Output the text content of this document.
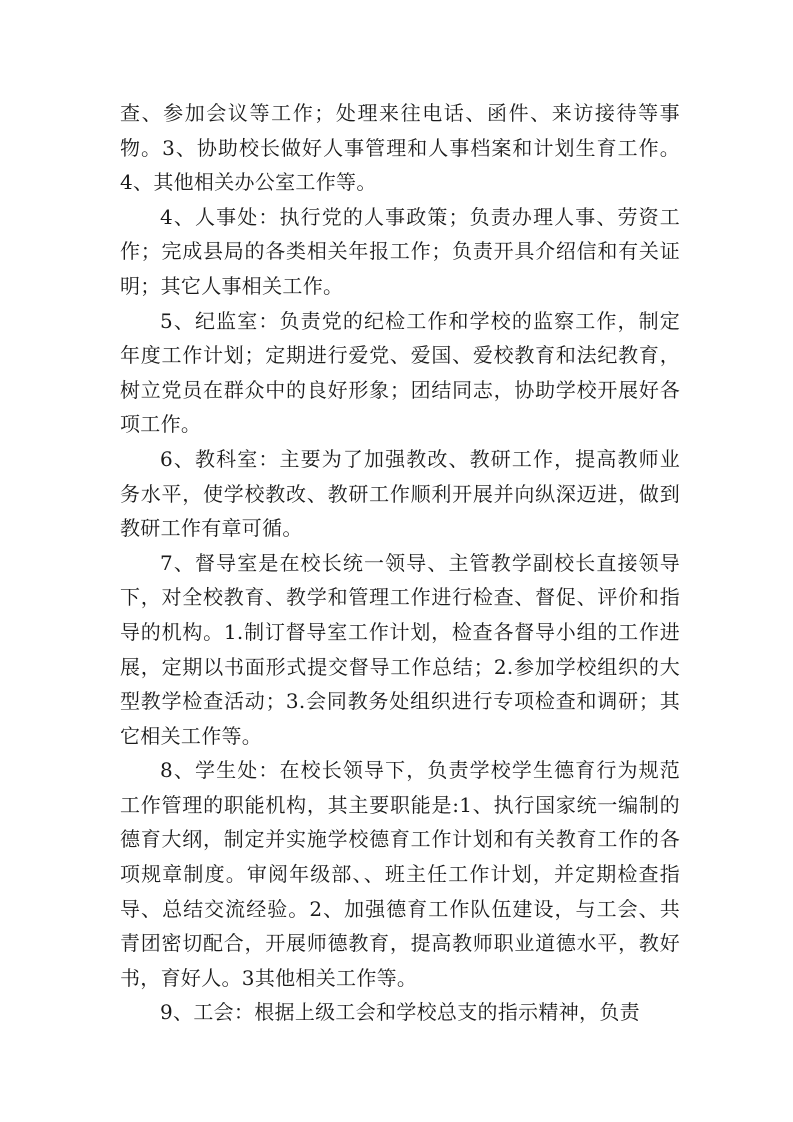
查、参加会议等工作；处理来往电话、函件、来访接待等事物。3、协助校长做好人事管理和人事档案和计划生育工作。4、其他相关办公室工作等。

4、人事处：执行党的人事政策；负责办理人事、劳资工作；完成县局的各类相关年报工作；负责开具介绍信和有关证明；其它人事相关工作。

5、纪监室：负责党的纪检工作和学校的监察工作，制定年度工作计划；定期进行爱党、爱国、爱校教育和法纪教育，树立党员在群众中的良好形象；团结同志，协助学校开展好各项工作。

6、教科室：主要为了加强教改、教研工作，提高教师业务水平，使学校教改、教研工作顺利开展并向纵深迈进，做到教研工作有章可循。

7、督导室是在校长统一领导、主管教学副校长直接领导下，对全校教育、教学和管理工作进行检查、督促、评价和指导的机构。1.制订督导室工作计划，检查各督导小组的工作进展，定期以书面形式提交督导工作总结；2.参加学校组织的大型教学检查活动；3.会同教务处组织进行专项检查和调研；其它相关工作等。

8、学生处：在校长领导下，负责学校学生德育行为规范工作管理的职能机构，其主要职能是:1、执行国家统一编制的德育大纲，制定并实施学校德育工作计划和有关教育工作的各项规章制度。审阅年级部、、班主任工作计划，并定期检查指导、总结交流经验。2、加强德育工作队伍建设，与工会、共青团密切配合，开展师德教育，提高教师职业道德水平，教好书，育好人。3其他相关工作等。

9、工会：根据上级工会和学校总支的指示精神，负责
